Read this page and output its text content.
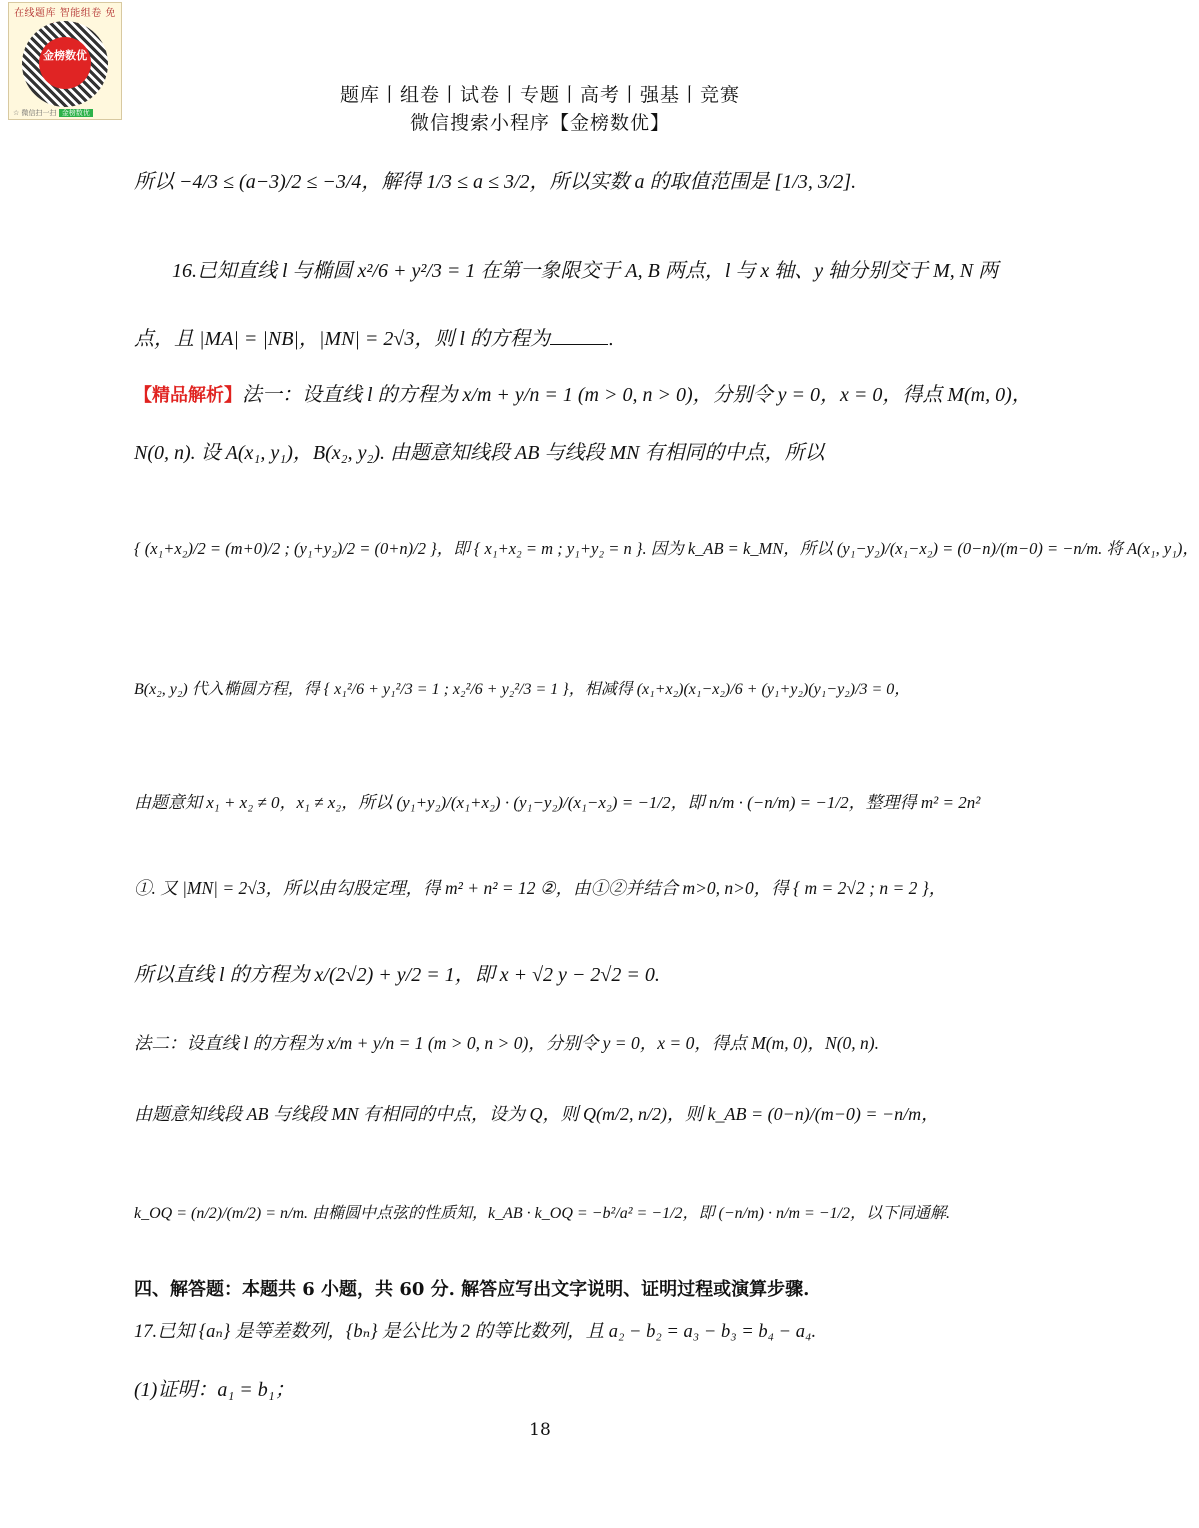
在线题库 智能组卷 免
金榜数优
☆ 微信扫一扫 金榜数优
题库丨组卷丨试卷丨专题丨高考丨强基丨竞赛
微信搜索小程序【金榜数优】
所以 −4/3 ≤ (a−3)/2 ≤ −3/4，解得 1/3 ≤ a ≤ 3/2，所以实数 a 的取值范围是 [1/3, 3/2].
16.已知直线 l 与椭圆 x²/6 + y²/3 = 1 在第一象限交于 A, B 两点，l 与 x 轴、y 轴分别交于 M, N 两
点，且 |MA| = |NB|，|MN| = 2√3，则 l 的方程为	.
【精品解析】法一：设直线 l 的方程为 x/m + y/n = 1 (m > 0, n > 0)，分别令 y = 0，x = 0，得点 M(m, 0)，
N(0, n). 设 A(x₁, y₁)，B(x₂, y₂). 由题意知线段 AB 与线段 MN 有相同的中点，所以
{ (x₁+x₂)/2 = (m+0)/2 ; (y₁+y₂)/2 = (0+n)/2 }，即 { x₁+x₂ = m ; y₁+y₂ = n }. 因为 k_AB = k_MN，所以 (y₁−y₂)/(x₁−x₂) = (0−n)/(m−0) = −n/m. 将 A(x₁, y₁)，
B(x₂, y₂) 代入椭圆方程，得 { x₁²/6 + y₁²/3 = 1 ; x₂²/6 + y₂²/3 = 1 }，相减得 (x₁+x₂)(x₁−x₂)/6 + (y₁+y₂)(y₁−y₂)/3 = 0，
由题意知 x₁ + x₂ ≠ 0，x₁ ≠ x₂，所以 (y₁+y₂)/(x₁+x₂) · (y₁−y₂)/(x₁−x₂) = −1/2，即 n/m · (−n/m) = −1/2，整理得 m² = 2n²
①. 又 |MN| = 2√3，所以由勾股定理，得 m² + n² = 12 ②，由①②并结合 m>0, n>0，得 { m = 2√2 ; n = 2 }，
所以直线 l 的方程为 x/(2√2) + y/2 = 1，即 x + √2 y − 2√2 = 0.
法二：设直线 l 的方程为 x/m + y/n = 1 (m > 0, n > 0)，分别令 y = 0，x = 0，得点 M(m, 0)，N(0, n).
由题意知线段 AB 与线段 MN 有相同的中点，设为 Q，则 Q(m/2, n/2)，则 k_AB = (0−n)/(m−0) = −n/m，
k_OQ = (n/2)/(m/2) = n/m. 由椭圆中点弦的性质知，k_AB · k_OQ = −b²/a² = −1/2，即 (−n/m) · n/m = −1/2，以下同通解.
四、解答题：本题共 6 小题，共 60 分. 解答应写出文字说明、证明过程或演算步骤.
17.已知 {aₙ} 是等差数列，{bₙ} 是公比为 2 的等比数列，且 a₂ − b₂ = a₃ − b₃ = b₄ − a₄.
(1)证明：a₁ = b₁；
18
